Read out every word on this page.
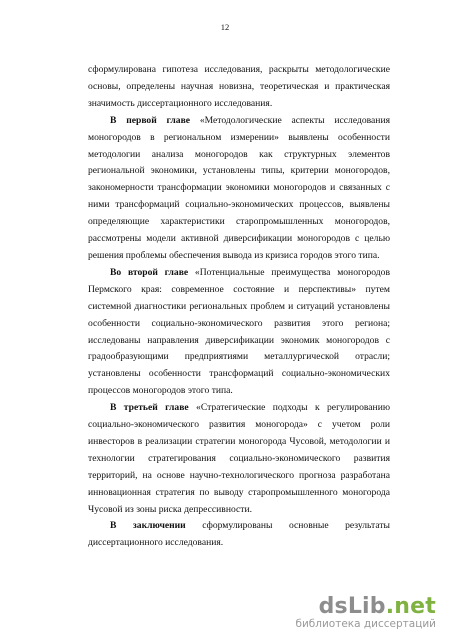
12

сформулирована гипотеза исследования, раскрыты методологические основы, определены научная новизна, теоретическая и практическая значимость диссертационного исследования.

В первой главе «Методологические аспекты исследования моногородов в региональном измерении» выявлены особенности методологии анализа моногородов как структурных элементов региональной экономики, установлены типы, критерии моногородов, закономерности трансформации экономики моногородов и связанных с ними трансформаций социально-экономических процессов, выявлены определяющие характеристики старопромышленных моногородов, рассмотрены модели активной диверсификации моногородов с целью решения проблемы обеспечения вывода из кризиса городов этого типа.

Во второй главе «Потенциальные преимущества моногородов Пермского края: современное состояние и перспективы» путем системной диагностики региональных проблем и ситуаций установлены особенности социально-экономического развития этого региона; исследованы направления диверсификации экономик моногородов с градообразующими предприятиями металлургической отрасли; установлены особенности трансформаций социально-экономических процессов моногородов этого типа.

В третьей главе «Стратегические подходы к регулированию социально-экономического развития моногорода» с учетом роли инвесторов в реализации стратегии моногорода Чусовой, методологии и технологии стратегирования социально-экономического развития территорий, на основе научно-технологического прогноза разработана инновационная стратегия по выводу старопромышленного моногорода Чусовой из зоны риска депрессивности.

В заключении сформулированы основные результаты диссертационного исследования.

dsLib.net
библиотека диссертаций
